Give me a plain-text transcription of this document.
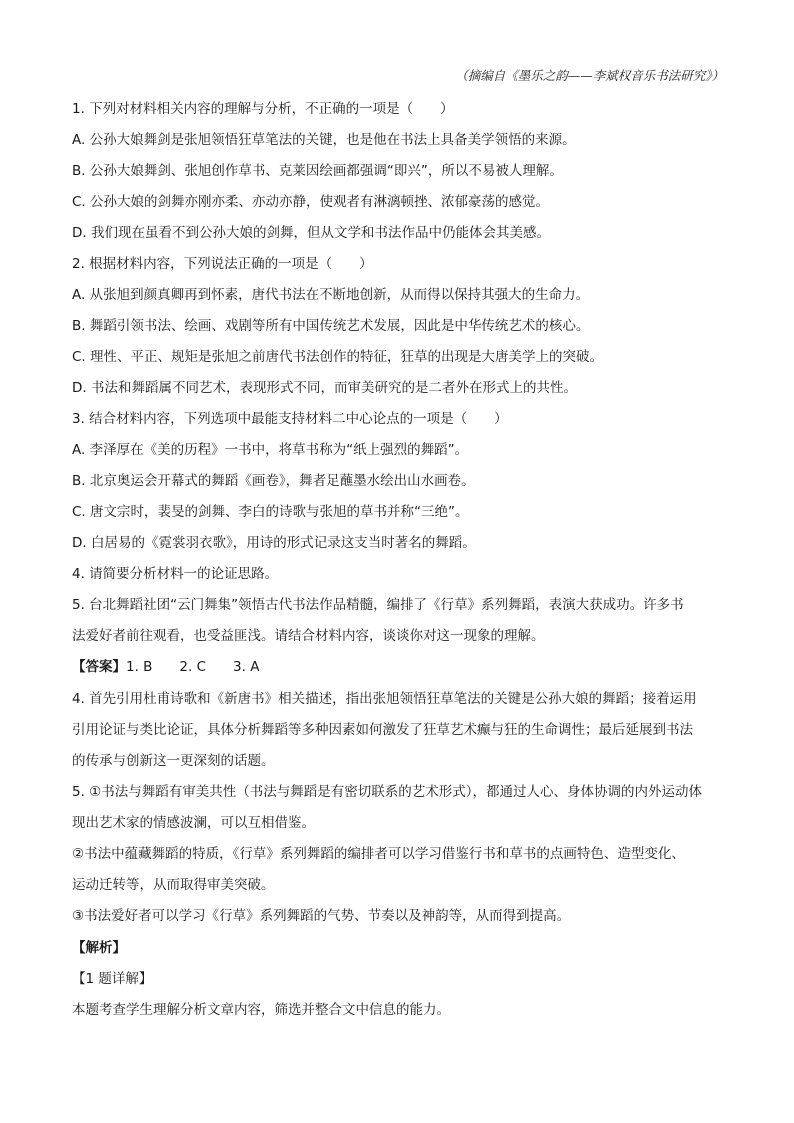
（摘编自《墨乐之韵——李斌权音乐书法研究》）
1. 下列对材料相关内容的理解与分析，不正确的一项是（　　）
A. 公孙大娘舞剑是张旭领悟狂草笔法的关键，也是他在书法上具备美学领悟的来源。
B. 公孙大娘舞剑、张旭创作草书、克莱因绘画都强调“即兴”，所以不易被人理解。
C. 公孙大娘的剑舞亦刚亦柔、亦动亦静，使观者有淋漓顿挫、浓郁豪荡的感觉。
D. 我们现在虽看不到公孙大娘的剑舞，但从文学和书法作品中仍能体会其美感。
2. 根据材料内容，下列说法正确的一项是（　　）
A. 从张旭到颜真卿再到怀素，唐代书法在不断地创新，从而得以保持其强大的生命力。
B. 舞蹈引领书法、绘画、戏剧等所有中国传统艺术发展，因此是中华传统艺术的核心。
C. 理性、平正、规矩是张旭之前唐代书法创作的特征，狂草的出现是大唐美学上的突破。
D. 书法和舞蹈属不同艺术，表现形式不同，而审美研究的是二者外在形式上的共性。
3. 结合材料内容，下列选项中最能支持材料二中心论点的一项是（　　）
A. 李泽厚在《美的历程》一书中，将草书称为“纸上强烈的舞蹈”。
B. 北京奥运会开幕式的舞蹈《画卷》，舞者足蘸墨水绘出山水画卷。
C. 唐文宗时，裴旻的剑舞、李白的诗歌与张旭的草书并称“三绝”。
D. 白居易的《霓裳羽衣歌》，用诗的形式记录这支当时著名的舞蹈。
4. 请简要分析材料一的论证思路。
5. 台北舞蹈社团“云门舞集”领悟古代书法作品精髓，编排了《行草》系列舞蹈，表演大获成功。许多书
法爱好者前往观看，也受益匪浅。请结合材料内容，谈谈你对这一现象的理解。
【答案】1. B　　2. C　　3. A
4. 首先引用杜甫诗歌和《新唐书》相关描述，指出张旭领悟狂草笔法的关键是公孙大娘的舞蹈；接着运用
引用论证与类比论证，具体分析舞蹈等多种因素如何激发了狂草艺术癫与狂的生命调性；最后延展到书法
的传承与创新这一更深刻的话题。
5. ①书法与舞蹈有审美共性（书法与舞蹈是有密切联系的艺术形式），都通过人心、身体协调的内外运动体
现出艺术家的情感波澜，可以互相借鉴。
②书法中蕴藏舞蹈的特质，《行草》系列舞蹈的编排者可以学习借鉴行书和草书的点画特色、造型变化、
运动迁转等，从而取得审美突破。
③书法爱好者可以学习《行草》系列舞蹈的气势、节奏以及神韵等，从而得到提高。
【解析】
【1 题详解】
本题考查学生理解分析文章内容，筛选并整合文中信息的能力。
